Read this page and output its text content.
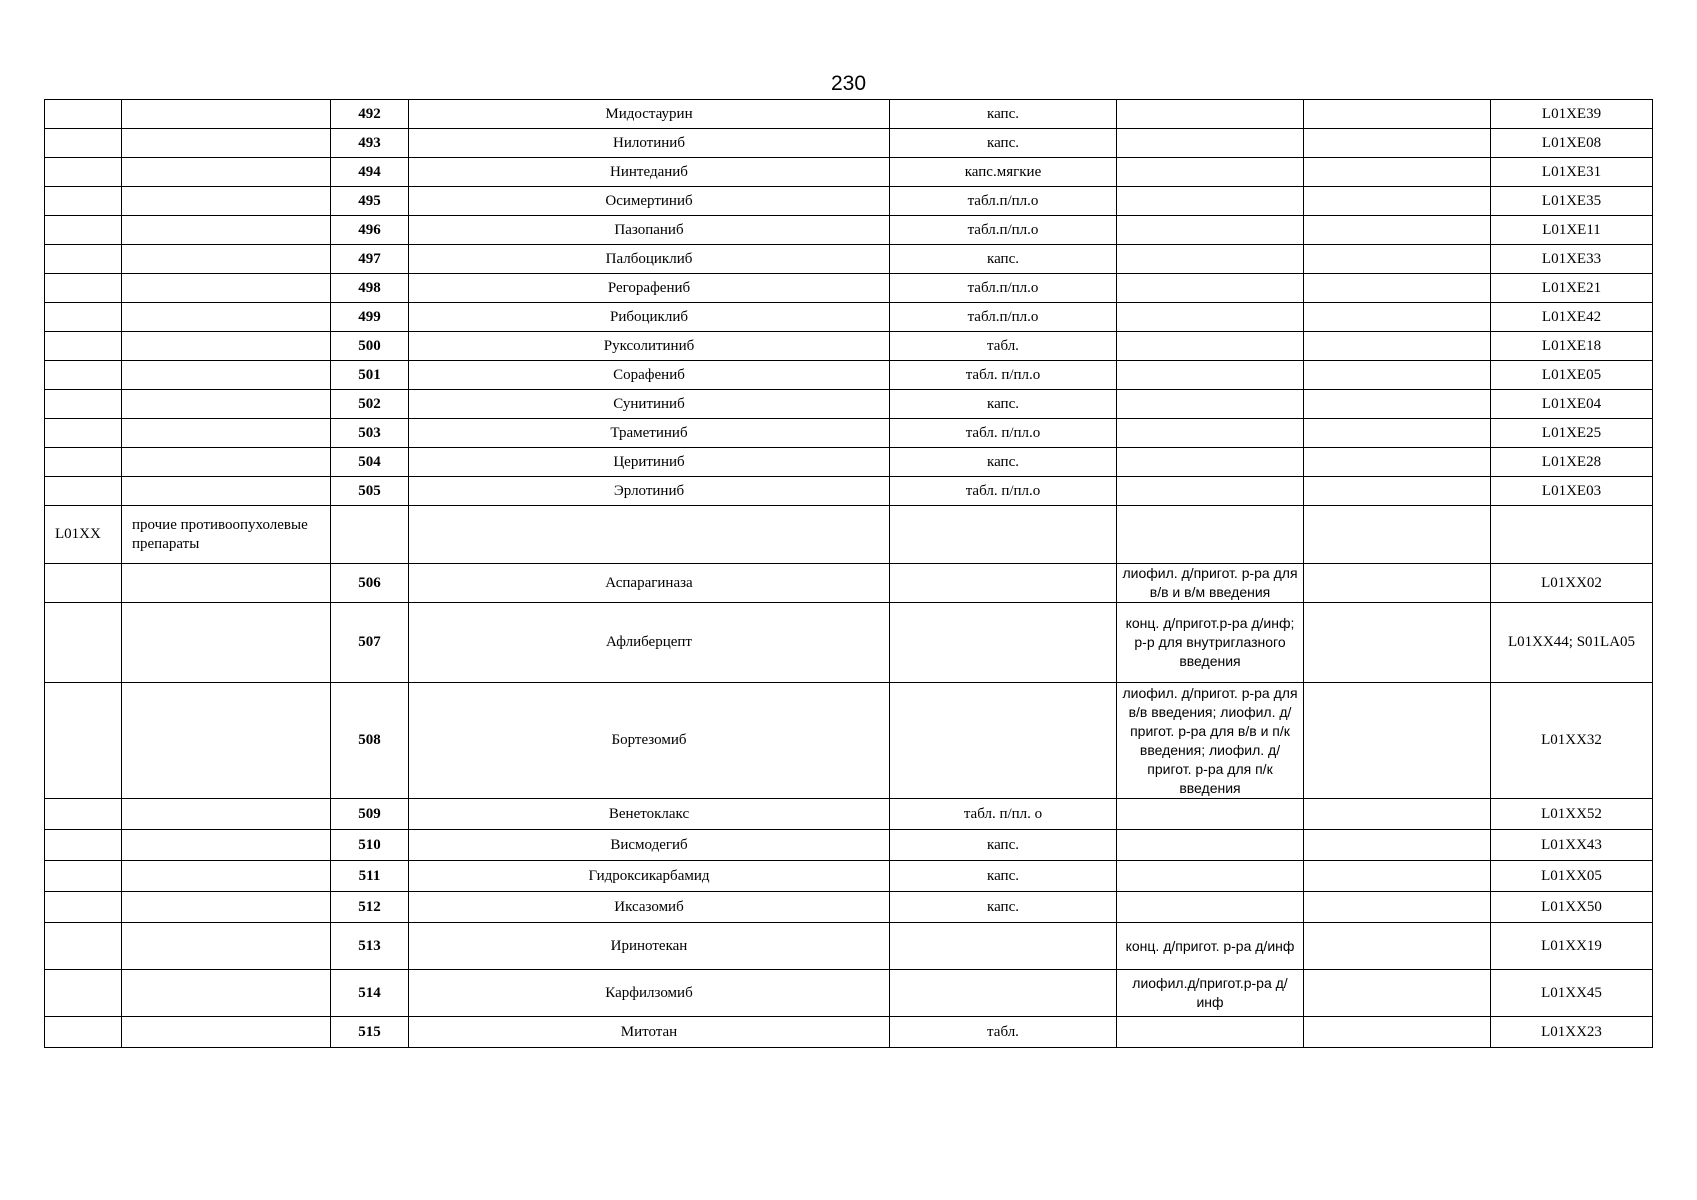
230
		492	Мидостаурин	капс.			L01XE39
		493	Нилотиниб	капс.			L01XE08
		494	Нинтеданиб	капс.мягкие			L01XE31
		495	Осимертиниб	табл.п/пл.о			L01XE35
		496	Пазопаниб	табл.п/пл.о			L01XE11
		497	Палбоциклиб	капс.			L01XE33
		498	Регорафениб	табл.п/пл.о			L01XE21
		499	Рибоциклиб	табл.п/пл.о			L01XE42
		500	Руксолитиниб	табл.			L01XE18
		501	Сорафениб	табл. п/пл.о			L01XE05
		502	Сунитиниб	капс.			L01XE04
		503	Траметиниб	табл. п/пл.о			L01XE25
		504	Церитиниб	капс.			L01XE28
		505	Эрлотиниб	табл. п/пл.о			L01XE03
L01XX	прочие противоопухолевые препараты						
		506	Аспарагиназа		лиофил. д/пригот. р-ра для в/в и в/м введения		L01XX02
		507	Афлиберцепт		конц. д/пригот.р-ра д/инф; р-р для внутриглазного введения		L01XX44; S01LA05
		508	Бортезомиб		лиофил. д/пригот. р-ра для в/в введения; лиофил. д/пригот. р-ра для в/в и п/к введения; лиофил. д/пригот. р-ра для п/к введения		L01XX32
		509	Венетоклакс	табл. п/пл. о			L01XX52
		510	Висмодегиб	капс.			L01XX43
		511	Гидроксикарбамид	капс.			L01XX05
		512	Иксазомиб	капс.			L01XX50
		513	Иринотекан		конц. д/пригот. р-ра д/инф		L01XX19
		514	Карфилзомиб		лиофил.д/пригот.р-ра д/инф		L01XX45
		515	Митотан	табл.			L01XX23
